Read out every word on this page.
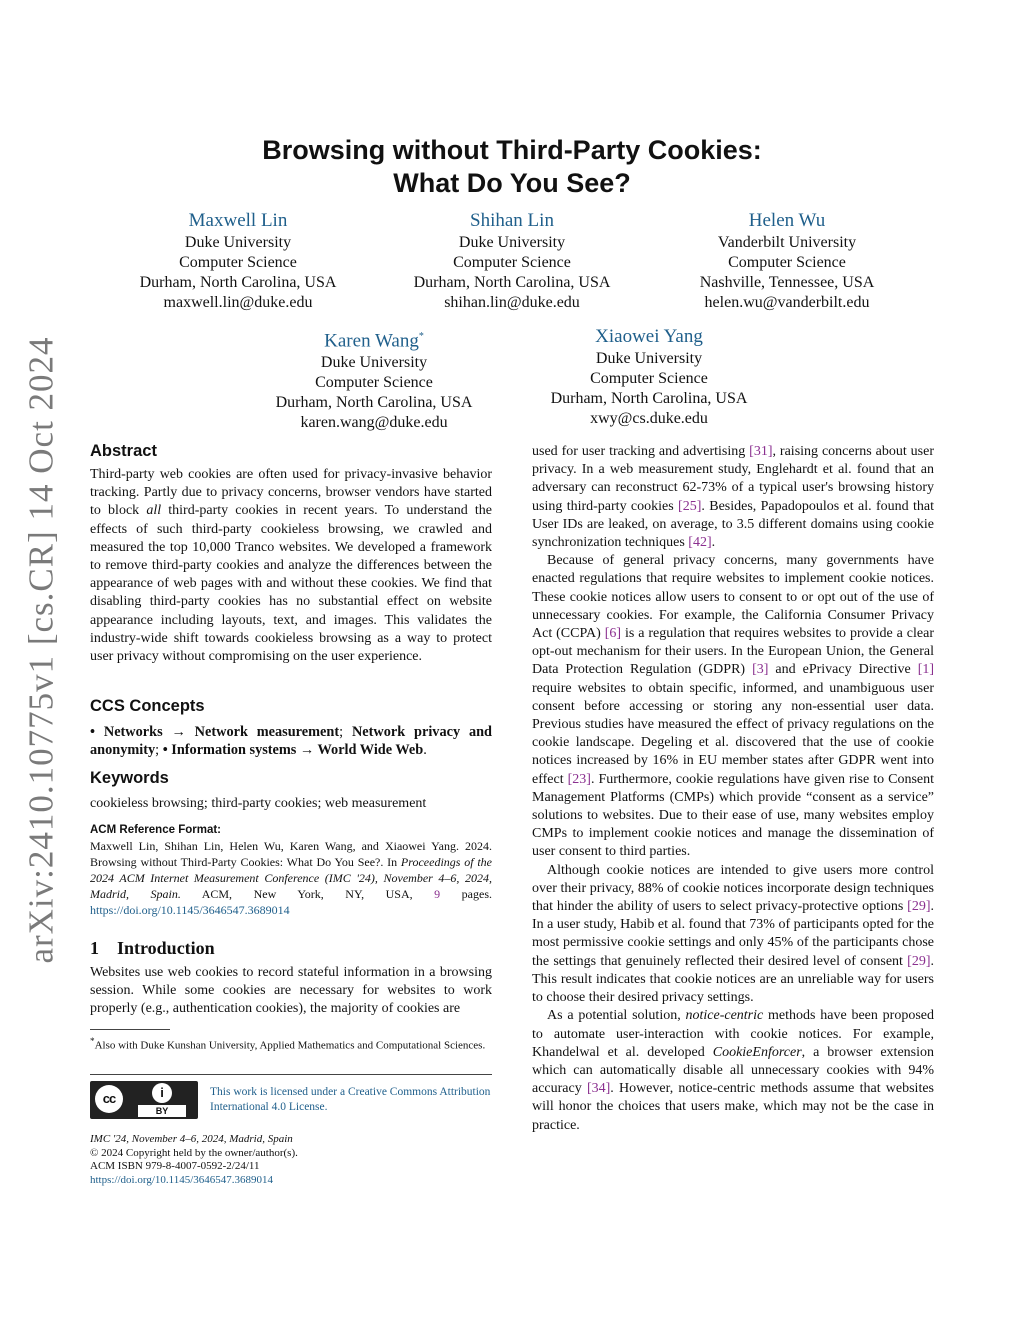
arXiv:2410.10775v1 [cs.CR] 14 Oct 2024
Browsing without Third-Party Cookies:
What Do You See?
Maxwell Lin
Duke University
Computer Science
Durham, North Carolina, USA
maxwell.lin@duke.edu
Shihan Lin
Duke University
Computer Science
Durham, North Carolina, USA
shihan.lin@duke.edu
Helen Wu
Vanderbilt University
Computer Science
Nashville, Tennessee, USA
helen.wu@vanderbilt.edu
Karen Wang*
Duke University
Computer Science
Durham, North Carolina, USA
karen.wang@duke.edu
Xiaowei Yang
Duke University
Computer Science
Durham, North Carolina, USA
xwy@cs.duke.edu
Abstract

Third-party web cookies are often used for privacy-invasive behavior tracking. Partly due to privacy concerns, browser vendors have started to block all third-party cookies in recent years. To understand the effects of such third-party cookieless browsing, we crawled and measured the top 10,000 Tranco websites. We developed a framework to remove third-party cookies and analyze the differences between the appearance of web pages with and without these cookies. We find that disabling third-party cookies has no substantial effect on website appearance including layouts, text, and images. This validates the industry-wide shift towards cookieless browsing as a way to protect user privacy without compromising on the user experience.

CCS Concepts

• Networks → Network measurement; Network privacy and anonymity; • Information systems → World Wide Web.

Keywords

cookieless browsing; third-party cookies; web measurement

ACM Reference Format:

Maxwell Lin, Shihan Lin, Helen Wu, Karen Wang, and Xiaowei Yang. 2024. Browsing without Third-Party Cookies: What Do You See?. In Proceedings of the 2024 ACM Internet Measurement Conference (IMC '24), November 4–6, 2024, Madrid, Spain. ACM, New York, NY, USA, 9 pages. https://doi.org/10.1145/3646547.3689014

1    Introduction

Websites use web cookies to record stateful information in a browsing session. While some cookies are necessary for websites to work properly (e.g., authentication cookies), the majority of cookies are

*Also with Duke Kunshan University, Applied Mathematics and Computational Sciences.
cc	i
BY
This work is licensed under a Creative Commons Attribution International 4.0 License.
IMC '24, November 4–6, 2024, Madrid, Spain
© 2024 Copyright held by the owner/author(s).
ACM ISBN 979-8-4007-0592-2/24/11
https://doi.org/10.1145/3646547.3689014

used for user tracking and advertising [31], raising concerns about user privacy. In a web measurement study, Englehardt et al. found that an adversary can reconstruct 62-73% of a typical user's browsing history using third-party cookies [25]. Besides, Papadopoulos et al. found that User IDs are leaked, on average, to 3.5 different domains using cookie synchronization techniques [42].

Because of general privacy concerns, many governments have enacted regulations that require websites to implement cookie notices. These cookie notices allow users to consent to or opt out of the use of unnecessary cookies. For example, the California Consumer Privacy Act (CCPA) [6] is a regulation that requires websites to provide a clear opt-out mechanism for their users. In the European Union, the General Data Protection Regulation (GDPR) [3] and ePrivacy Directive [1] require websites to obtain specific, informed, and unambiguous user consent before accessing or storing any non-essential user data. Previous studies have measured the effect of privacy regulations on the cookie landscape. Degeling et al. discovered that the use of cookie notices increased by 16% in EU member states after GDPR went into effect [23]. Furthermore, cookie regulations have given rise to Consent Management Platforms (CMPs) which provide “consent as a service” solutions to websites. Due to their ease of use, many websites employ CMPs to implement cookie notices and manage the dissemination of user consent to third parties.

Although cookie notices are intended to give users more control over their privacy, 88% of cookie notices incorporate design techniques that hinder the ability of users to select privacy-protective options [29]. In a user study, Habib et al. found that 73% of participants opted for the most permissive cookie settings and only 45% of the participants chose the settings that genuinely reflected their desired level of consent [29]. This result indicates that cookie notices are an unreliable way for users to choose their desired privacy settings.

As a potential solution, notice-centric methods have been proposed to automate user-interaction with cookie notices. For example, Khandelwal et al. developed CookieEnforcer, a browser extension which can automatically disable all unnecessary cookies with 94% accuracy [34]. However, notice-centric methods assume that websites will honor the choices that users make, which may not be the case in practice.
